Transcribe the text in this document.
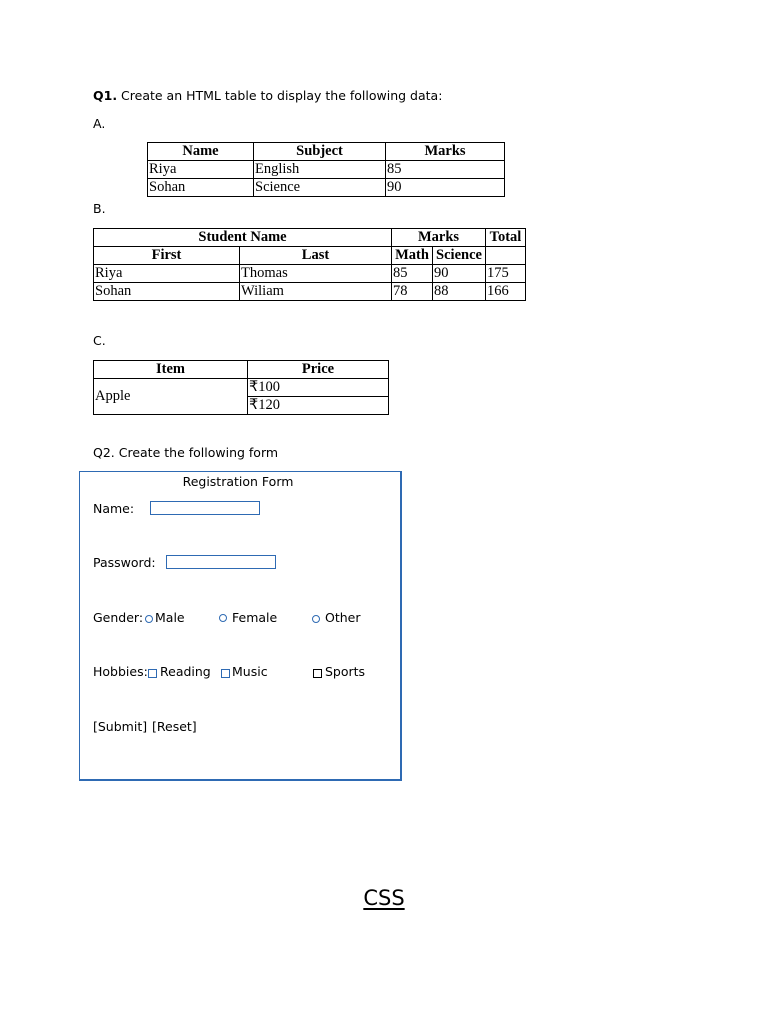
Q1. Create an HTML table to display the following data:
A.
Name	Subject	Marks
Riya	English	85
Sohan	Science	90
B.
Student Name		Marks		Total
First	Last	Math	Science	
Riya	Thomas	85	90	175
Sohan	Wiliam	78	88	166
C.
Item	Price
Apple	₹100
	₹120
Q2. Create the following form
Registration Form
Name:
Password:
Gender: Male	Female	Other
Hobbies: Reading Music	Sports
[Submit] [Reset]
CSS
